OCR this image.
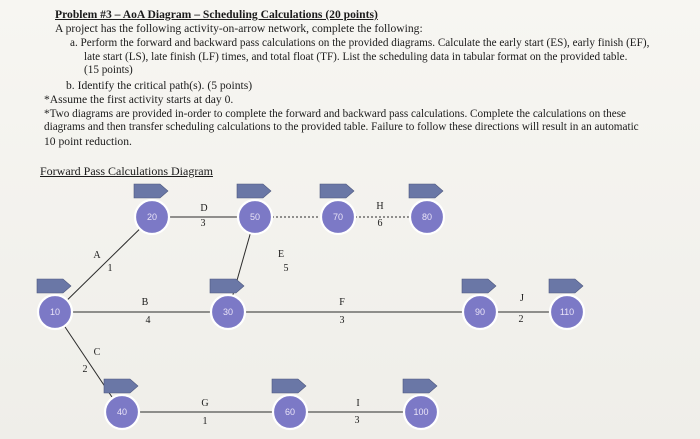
Problem #3 – AoA Diagram – Scheduling Calculations (20 points)
A project has the following activity-on-arrow network, complete the following:
a. Perform the forward and backward pass calculations on the provided diagrams. Calculate the early start (ES), early finish (EF),
late start (LS), late finish (LF) times, and total float (TF). List the scheduling data in tabular format on the provided table.
(15 points)
b. Identify the critical path(s). (5 points)
*Assume the first activity starts at day 0.
*Two diagrams are provided in-order to complete the forward and backward pass calculations. Complete the calculations on these
diagrams and then transfer scheduling calculations to the provided table. Failure to follow these directions will result in an automatic
10 point reduction.
Forward Pass Calculations Diagram
10
20
30
40
50
60
70	80
90
100
110
A
1
B
4
C
2
D
3
E
5
F
3
G
1
H
6
I
3
J
2
